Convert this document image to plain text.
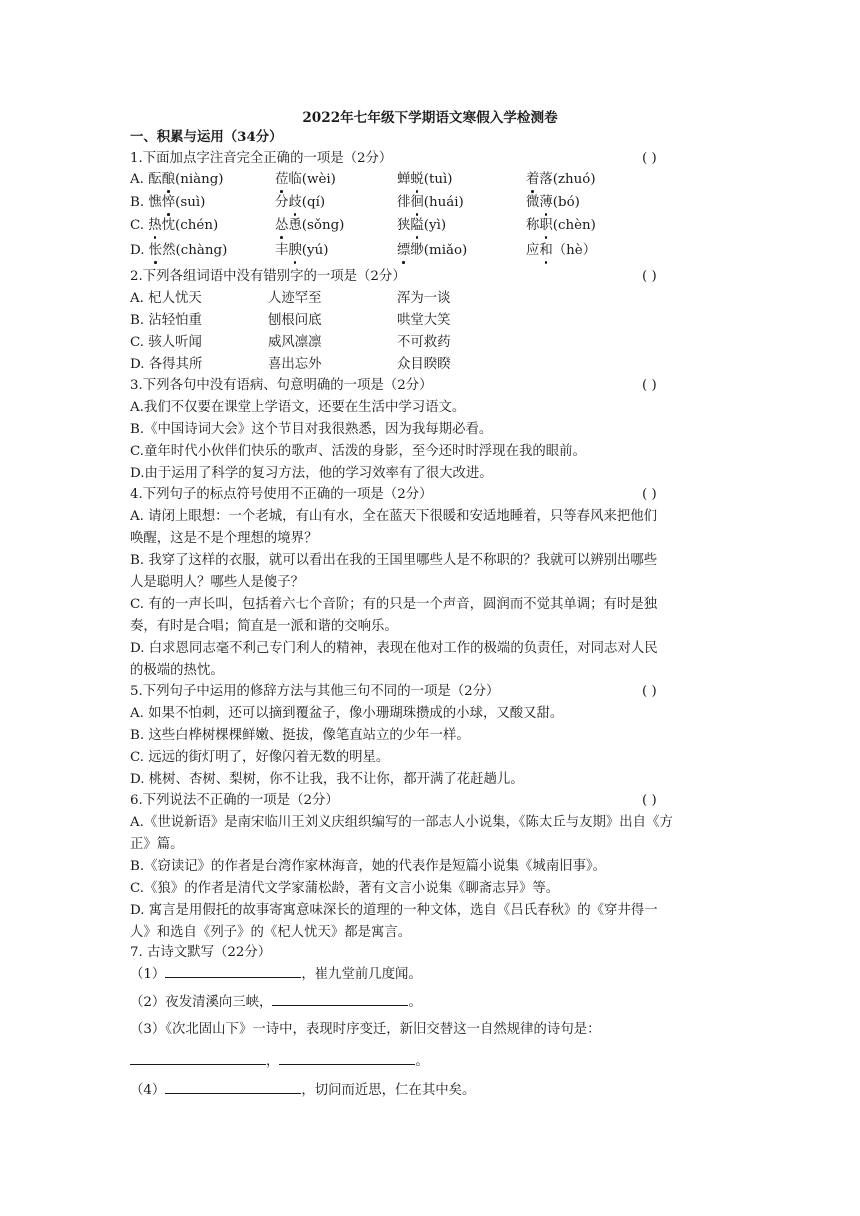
2022年七年级下学期语文寒假入学检测卷
一、积累与运用（34分）
1.下面加点字注音完全正确的一项是（2分）	( )
A. 酝酿(niàng)	莅临(wèi)	蝉蜕(tuì)	着落(zhuó)
B. 憔悴(suì)	分歧(qí)	徘徊(huái)	微薄(bó)
C. 热忱(chén)	怂恿(sǒng)	狭隘(yì)	称职(chèn)
D. 怅然(chàng)	丰腴(yú)	缥缈(miǎo)	应和（hè）
2.下列各组词语中没有错别字的一项是（2分）	( )
A. 杞人忧天	人迹罕至	浑为一谈
B. 沾轻怕重	刨根问底	哄堂大笑
C. 骇人听闻	威风凛凛	不可救药
D. 各得其所	喜出忘外	众目睽睽
3.下列各句中没有语病、句意明确的一项是（2分）	( )
A.我们不仅要在课堂上学语文，还要在生活中学习语文。
B.《中国诗词大会》这个节目对我很熟悉，因为我每期必看。
C.童年时代小伙伴们快乐的歌声、活泼的身影，至今还时时浮现在我的眼前。
D.由于运用了科学的复习方法，他的学习效率有了很大改进。
4.下列句子的标点符号使用不正确的一项是（2分）	( )
A. 请闭上眼想：一个老城，有山有水，全在蓝天下很暖和安适地睡着，只等春风来把他们
唤醒，这是不是个理想的境界？
B. 我穿了这样的衣服，就可以看出在我的王国里哪些人是不称职的？我就可以辨别出哪些
人是聪明人？哪些人是傻子？
C. 有的一声长叫，包括着六七个音阶；有的只是一个声音，圆润而不觉其单调；有时是独
奏，有时是合唱；简直是一派和谐的交响乐。
D. 白求恩同志毫不利己专门利人的精神，表现在他对工作的极端的负责任，对同志对人民
的极端的热忱。
5.下列句子中运用的修辞方法与其他三句不同的一项是（2分）	( )
A. 如果不怕刺，还可以摘到覆盆子，像小珊瑚珠攒成的小球，又酸又甜。
B. 这些白桦树棵棵鲜嫩、挺拔，像笔直站立的少年一样。
C. 远远的街灯明了，好像闪着无数的明星。
D. 桃树、杏树、梨树，你不让我，我不让你，都开满了花赶趟儿。
6.下列说法不正确的一项是（2分）	( )
A.《世说新语》是南宋临川王刘义庆组织编写的一部志人小说集，《陈太丘与友期》出自《方
正》篇。
B.《窃读记》的作者是台湾作家林海音，她的代表作是短篇小说集《城南旧事》。
C.《狼》的作者是清代文学家蒲松龄，著有文言小说集《聊斋志异》等。
D. 寓言是用假托的故事寄寓意味深长的道理的一种文体，选自《吕氏春秋》的《穿井得一
人》和选自《列子》的《杞人忧天》都是寓言。
7. 古诗文默写（22分）
（1）	，崔九堂前几度闻。
（2）夜发清溪向三峡，	。
（3）《次北固山下》一诗中，表现时序变迁，新旧交替这一自然规律的诗句是：
，	。
（4）	，切问而近思，仁在其中矣。
